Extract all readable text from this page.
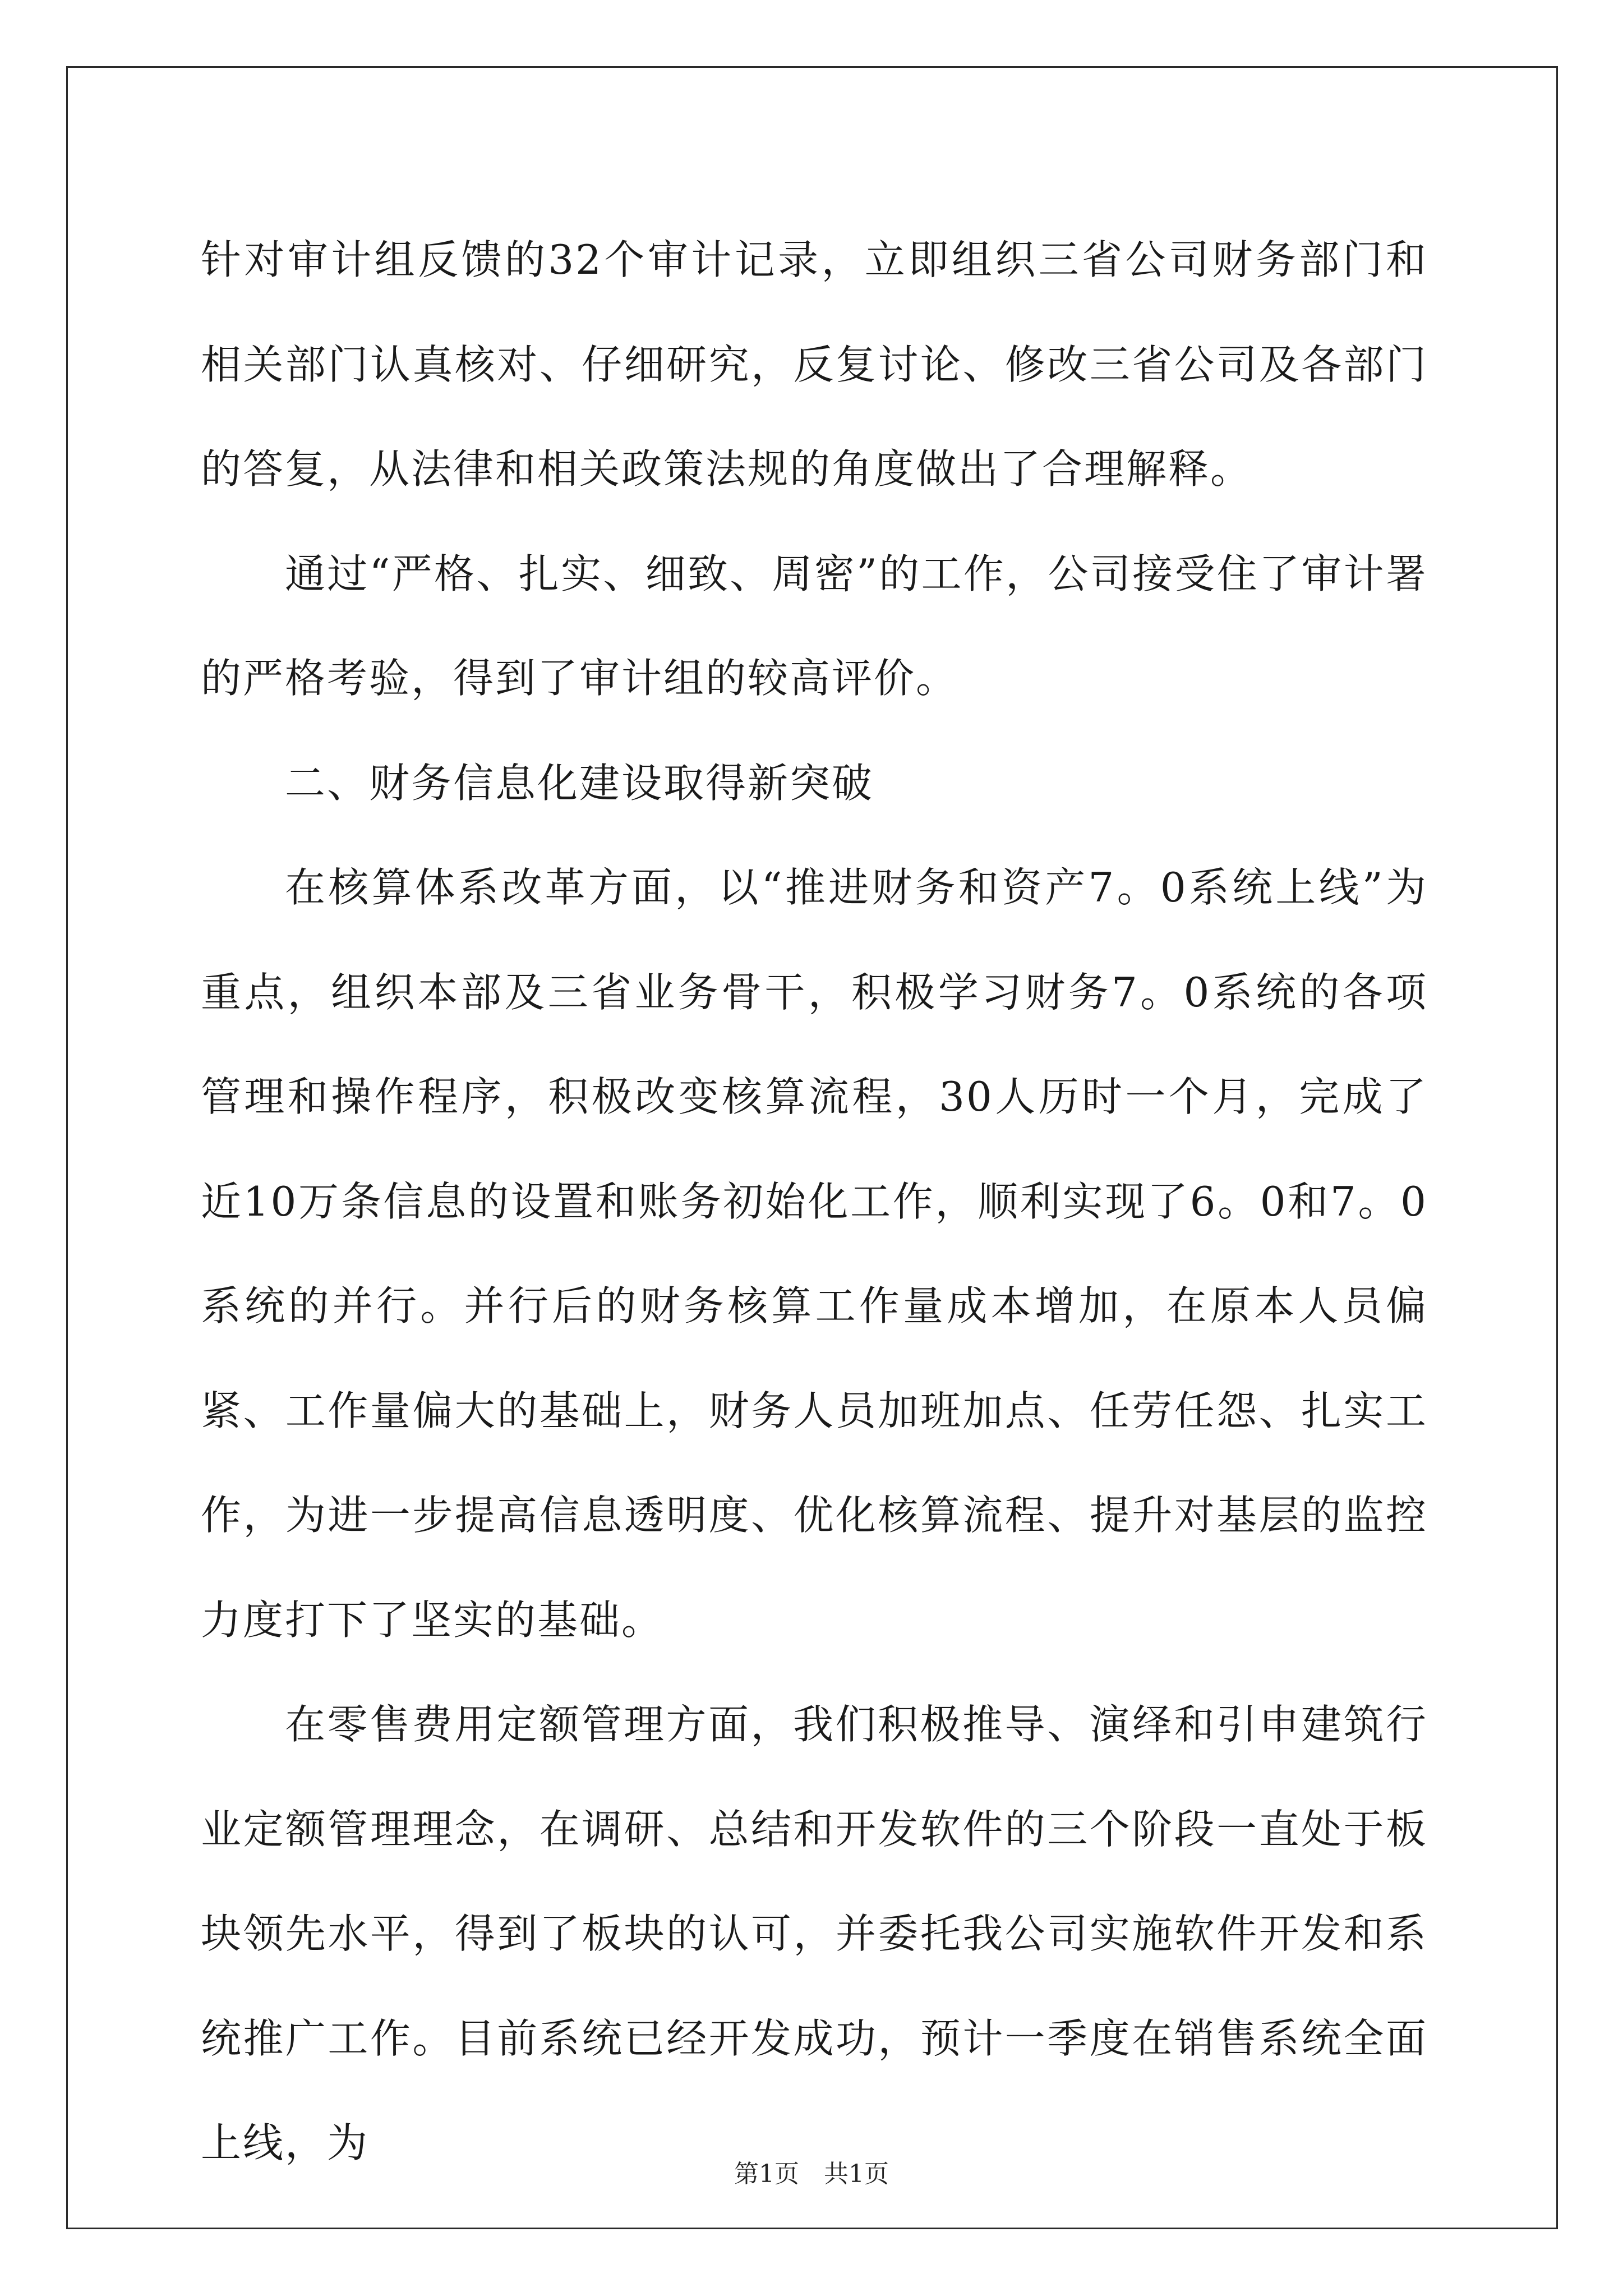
针对审计组反馈的32个审计记录，立即组织三省公司财务部门和相关部门认真核对、仔细研究，反复讨论、修改三省公司及各部门的答复，从法律和相关政策法规的角度做出了合理解释。

通过“严格、扎实、细致、周密”的工作，公司接受住了审计署的严格考验，得到了审计组的较高评价。

二、财务信息化建设取得新突破

在核算体系改革方面，以“推进财务和资产7。0系统上线”为重点，组织本部及三省业务骨干，积极学习财务7。0系统的各项管理和操作程序，积极改变核算流程，30人历时一个月，完成了近10万条信息的设置和账务初始化工作，顺利实现了6。0和7。0系统的并行。并行后的财务核算工作量成本增加，在原本人员偏紧、工作量偏大的基础上，财务人员加班加点、任劳任怨、扎实工作，为进一步提高信息透明度、优化核算流程、提升对基层的监控力度打下了坚实的基础。

在零售费用定额管理方面，我们积极推导、演绎和引申建筑行业定额管理理念，在调研、总结和开发软件的三个阶段一直处于板块领先水平，得到了板块的认可，并委托我公司实施软件开发和系统推广工作。目前系统已经开发成功，预计一季度在销售系统全面上线，为

第1页　共1页
